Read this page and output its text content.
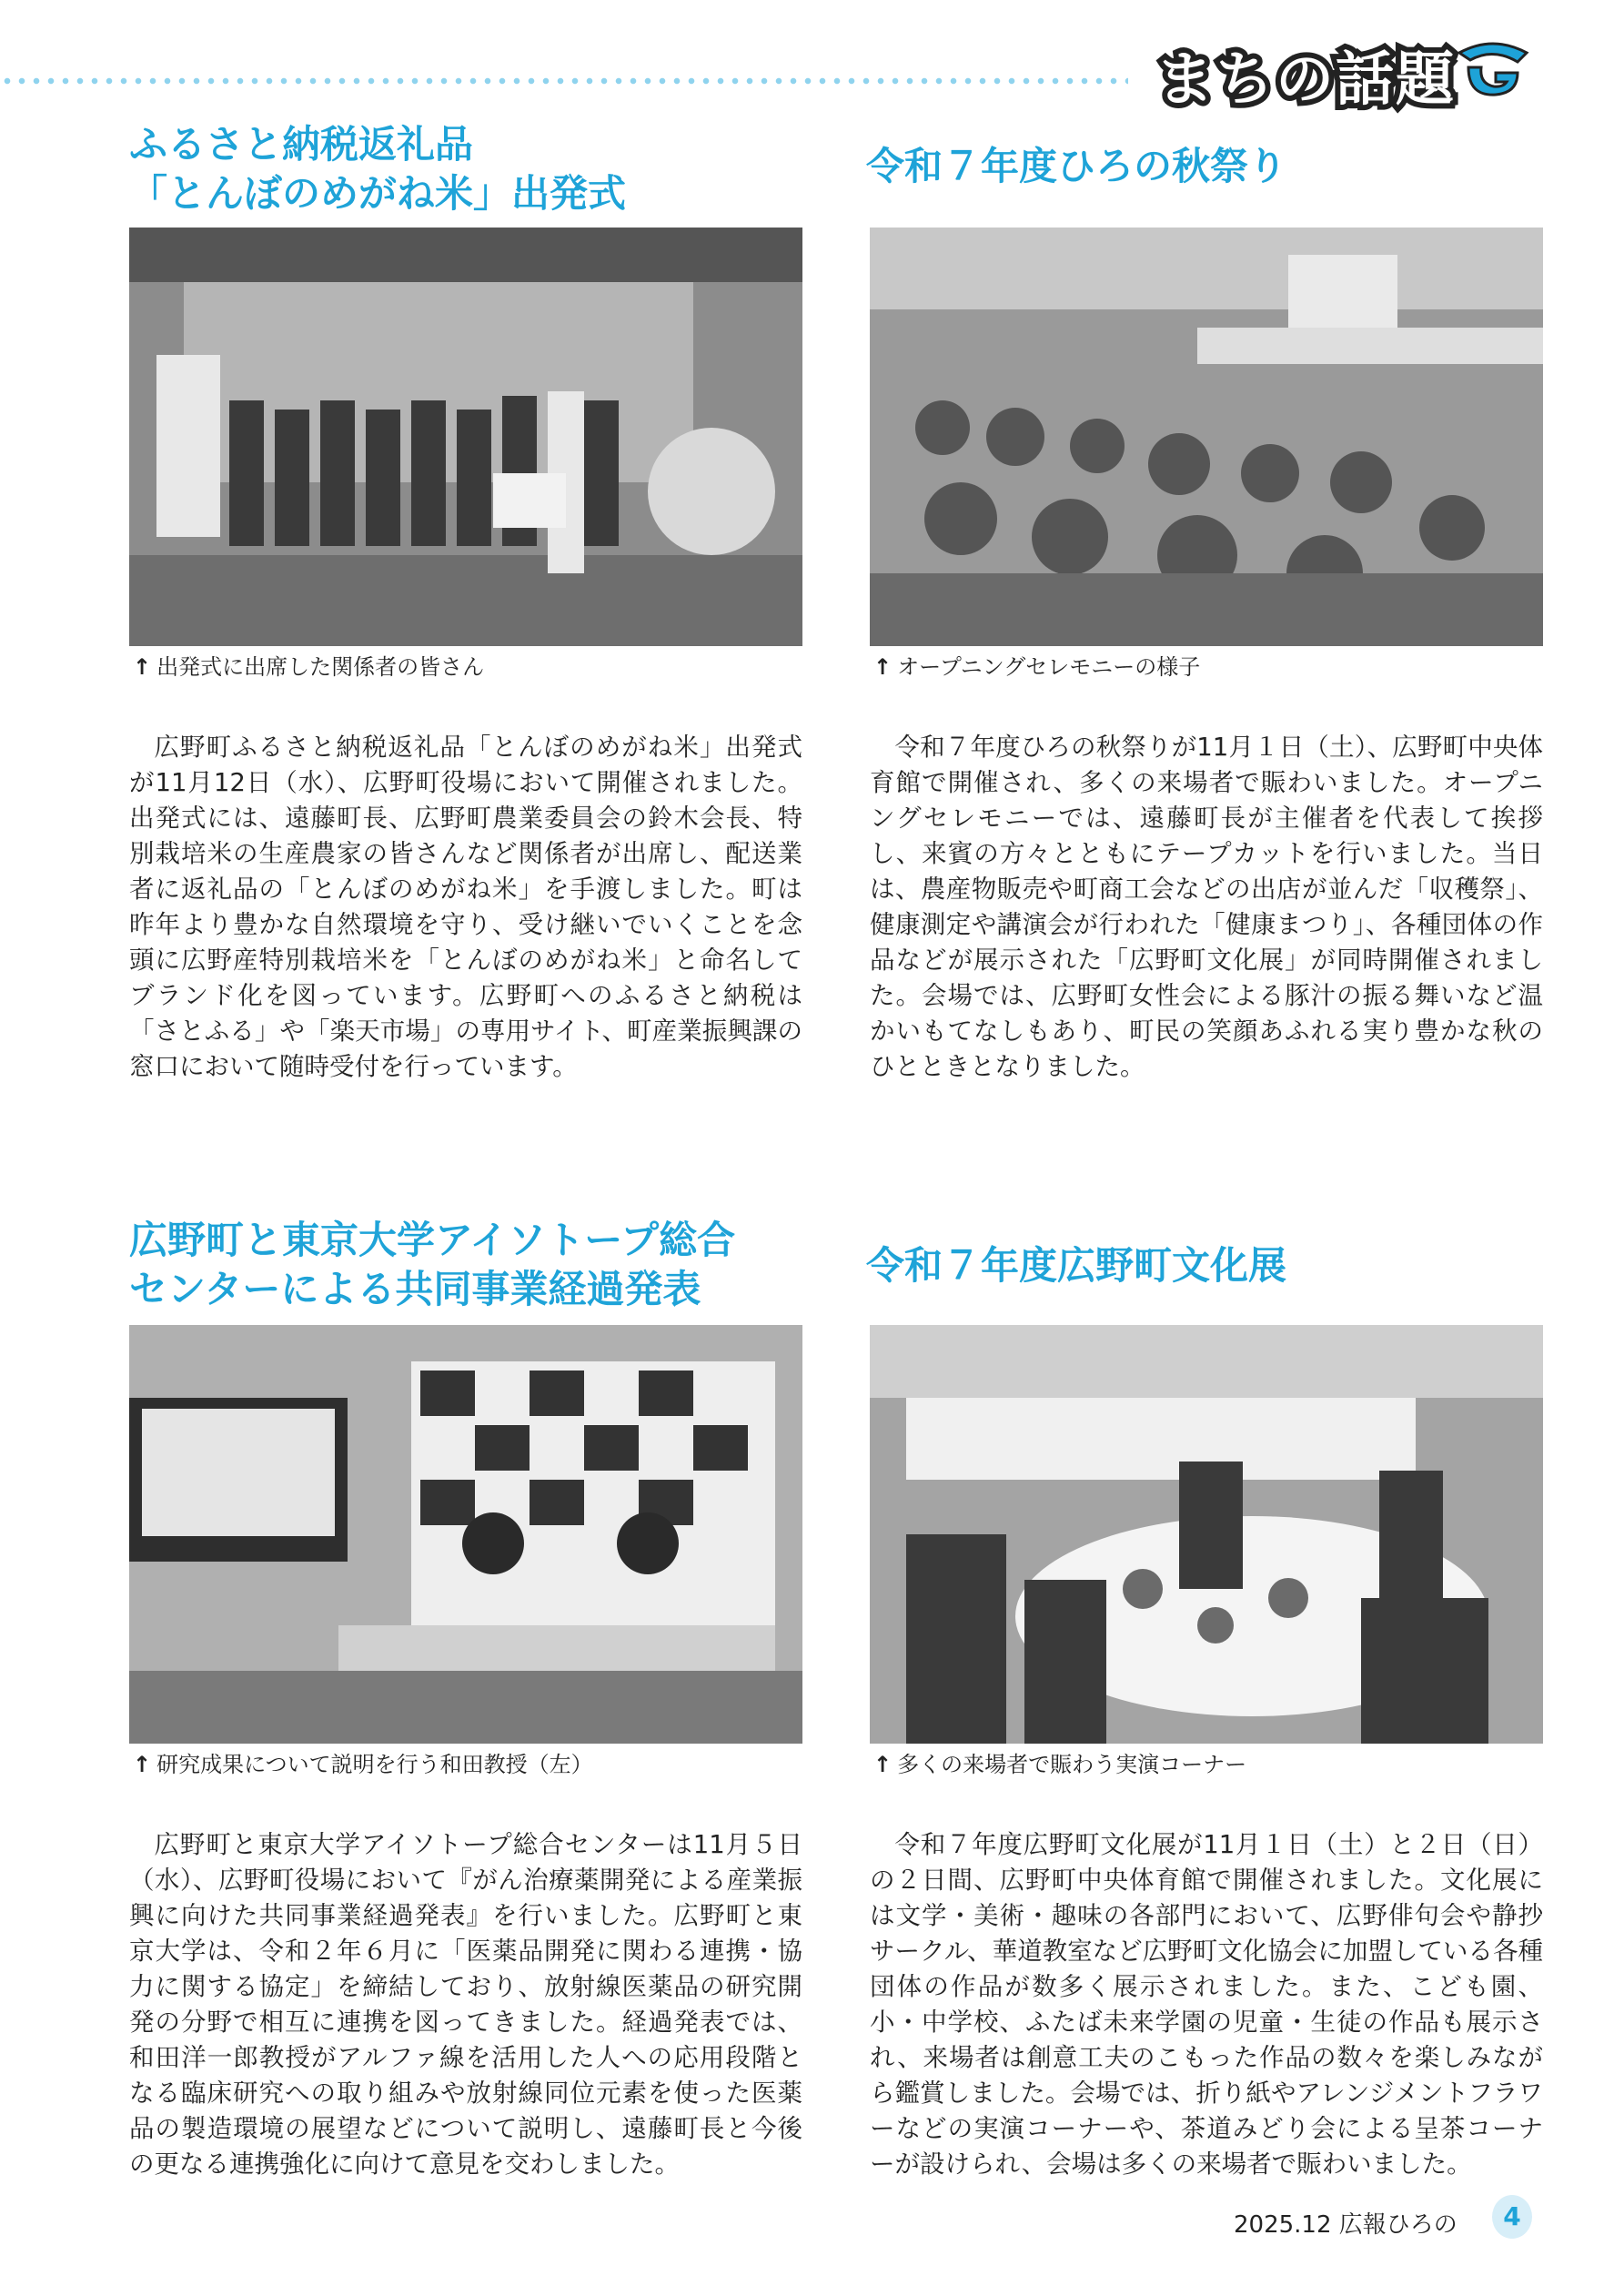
まちの話題
ふるさと納税返礼品
「とんぼのめがね米」出発式
↑ 出発式に出席した関係者の皆さん
広野町ふるさと納税返礼品「とんぼのめがね米」出発式が11月12日（水）、広野町役場において開催されました。出発式には、遠藤町長、広野町農業委員会の鈴木会長、特別栽培米の生産農家の皆さんなど関係者が出席し、配送業者に返礼品の「とんぼのめがね米」を手渡しました。町は昨年より豊かな自然環境を守り、受け継いでいくことを念頭に広野産特別栽培米を「とんぼのめがね米」と命名してブランド化を図っています。広野町へのふるさと納税は「さとふる」や「楽天市場」の専用サイト、町産業振興課の窓口において随時受付を行っています。
令和７年度ひろの秋祭り
↑ オープニングセレモニーの様子
令和７年度ひろの秋祭りが11月１日（土）、広野町中央体育館で開催され、多くの来場者で賑わいました。オープニングセレモニーでは、遠藤町長が主催者を代表して挨拶し、来賓の方々とともにテープカットを行いました。当日は、農産物販売や町商工会などの出店が並んだ「収穫祭」、健康測定や講演会が行われた「健康まつり」、各種団体の作品などが展示された「広野町文化展」が同時開催されました。会場では、広野町女性会による豚汁の振る舞いなど温かいもてなしもあり、町民の笑顔あふれる実り豊かな秋のひとときとなりました。
広野町と東京大学アイソトープ総合
センターによる共同事業経過発表
↑ 研究成果について説明を行う和田教授（左）
広野町と東京大学アイソトープ総合センターは11月５日（水）、広野町役場において『がん治療薬開発による産業振興に向けた共同事業経過発表』を行いました。広野町と東京大学は、令和２年６月に「医薬品開発に関わる連携・協力に関する協定」を締結しており、放射線医薬品の研究開発の分野で相互に連携を図ってきました。経過発表では、和田洋一郎教授がアルファ線を活用した人への応用段階となる臨床研究への取り組みや放射線同位元素を使った医薬品の製造環境の展望などについて説明し、遠藤町長と今後の更なる連携強化に向けて意見を交わしました。
令和７年度広野町文化展
↑ 多くの来場者で賑わう実演コーナー
令和７年度広野町文化展が11月１日（土）と２日（日）の２日間、広野町中央体育館で開催されました。文化展には文学・美術・趣味の各部門において、広野俳句会や静抄サークル、華道教室など広野町文化協会に加盟している各種団体の作品が数多く展示されました。また、こども園、小・中学校、ふたば未来学園の児童・生徒の作品も展示され、来場者は創意工夫のこもった作品の数々を楽しみながら鑑賞しました。会場では、折り紙やアレンジメントフラワーなどの実演コーナーや、茶道みどり会による呈茶コーナーが設けられ、会場は多くの来場者で賑わいました。
2025.12 広報ひろの	4
